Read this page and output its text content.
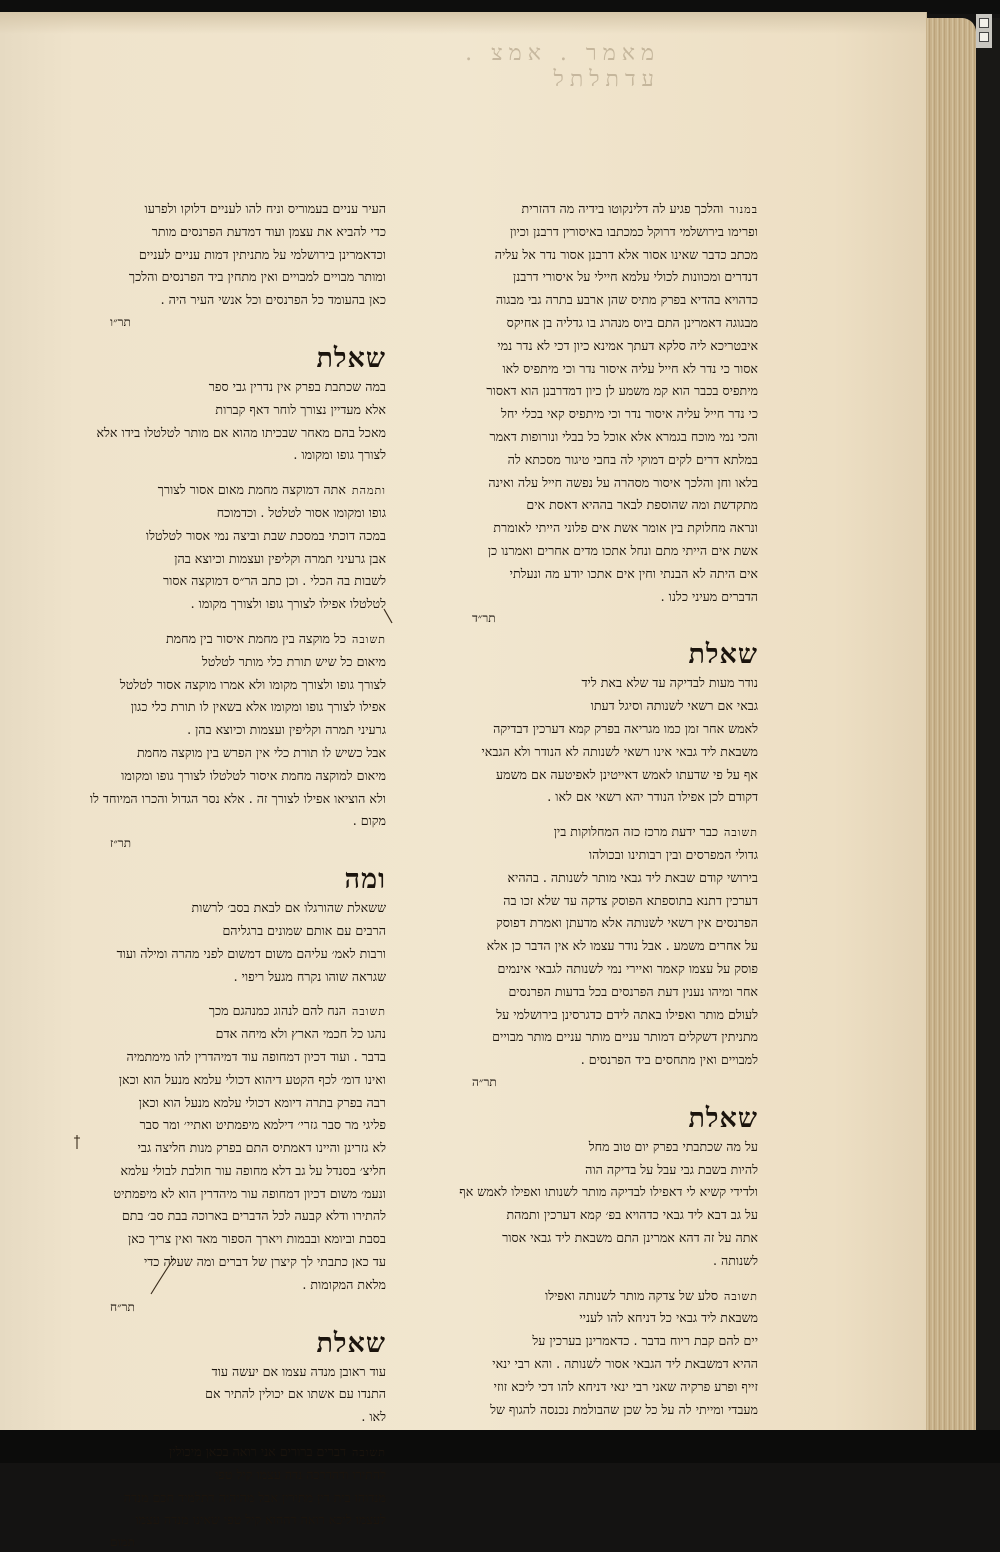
מאמר . אמצ . עדתלתל
במנורוהלכך פגיע לה דלינקוטו בידיה מה דהזרית
ופרימו בירושלמי דרוקל כמכתבו באיסורין דרבנן וכיון
מכתב כדבר שאינו אסור אלא דרבנן אסור נדר אל עליה
דנדרים ומכוונות לכולי עלמא חיילי על איסורי דרבנן
כדהויא בהדיא בפרק מתיס שהן ארבע בתרה גבי מבגוה
מבגוגה דאמרינן התם ביוס מנהרג בו גדליה בן אחיקס
איבטריכא ליה סלקא דעתך אמינא כיון דכי לא נדר נמי
אסור כי נדר לא חייל עליה איסור נדר וכי מיתפיס לאו
מיתפיס בכבר הוא קמ משמע לן כיון דמדרבנן הוא דאסור
כי נדר חייל עליה איסור נדר וכי מיתפיס קאי בכלי יחל
והכי נמי מוכח בגמרא אלא אוכל כל בבלי ונורופות דאמר
במלתא דרים לקים דמוקי לה בחבי טיגור מסכתא לה
בלאו וחן והלכך איסור מסהרה על נפשה חייל עלה ואינה
מתקדשת ומה שהוספת לבאר בההיא דאסת אים
ונראה מחלוקת בין אומר אשת אים פלוני הייתי לאומרת
אשת אים הייתי מתם ונחל אתכו מדים אחרים ואמרנו כן
אים היתה לא הבנתי וחין אים אתכו יודע מה ונעלתי
הדברים מעיני כלנו .
תר״ד
שאלת
נודר מעות לבדיקה עד שלא באת ליד
גבאי אם רשאי לשנותה וסיגל דעתו
לאמש אחר זמן כמו מגריאה בפרק קמא דערכין דבדיקה
משבאת ליד גבאי אינו רשאי לשנותה לא הנודר ולא הגבאי
אף על פי שדעתו לאמש דאייטינן לאפיטעה אם משמע
דקודם לכן אפילו הנודר יהא רשאי אם לאו .
תשובהכבר ידעת מרכז כזה המחלוקות בין
גדולי המפרסים ובין רבותינו ובכולהו
בירושי קודם שבאת ליד גבאי מותר לשנותה . בההיא
דערכין דתנא בתוספתא הפוסק צדקה עד שלא זכו בה
הפרנסים אין רשאי לשנותה אלא מדעתן ואמרת דפוסק
על אחרים משמע . אבל נודר עצמו לא אין הדבר כן אלא
פוסק על עצמו קאמר ואיירי נמי לשנותה לגבאי אינמים
אחר ומיהו נענין דעת הפרנסים בכל בדעות הפרנסים
לעולם מותר ואפילו באתה לידם כדגרסינן בירושלמי על
מתניתין דשקלים דמותר עניים מותר עניים מותר מבויים
למבויים ואין מתחסים ביד הפרנסים .
תר״ה
שאלת
על מה שכתבתי בפרק יום טוב מחל
להיות בשבת גבי עבל על בדיקה הוה
ולדידי קשיא לי דאפילו לבדיקה מותר לשנותו ואפילו לאמש אף
על גב דבא ליד גבאי כדהויא בפ׳ קמא דערכין ותמהת
אתה על זה דהא אמרינן התם משבאת ליד גבאי אסור
לשנותה .
תשובהסלע של צדקה מותר לשנותה ואפילו
משבאת ליד גבאי כל דניחא להו לעניי
יים להם קבת ריוח בדבר . כדאמרינן בערכין על
ההיא דמשבאת ליד הגבאי אסור לשנותה . והא רבי ינאי
זייף ופרע פרקיה שאני רבי ינאי דניחא להו דכי ליכא זוזי
מעבדי ומייתי לה על כל שכן שהבולמת נכנסה להגוף של
העיר עניים בעמוריס וניח להו לעניים דלוקו ולפרעו
כדי להביא את עצמן ועוד דמדעת הפרנסים מותר
וכדאמרינן בירושלמי על מתניתין דמות עניים לעניים
ומותר מבויים למבויים ואין מתחין ביד הפרנסים והלכך
כאן בהעומד כל הפרנסים וכל אנשי העיר היה .
תר״ו
שאלת
במה שכתבת בפרק אין נדרין גבי ספר
אלא מעדיין נצורך לוחר דאף קברות
מאכל בהם מאחר שבכיתו מהוא אם מותר לטלטלו בידו אלא
לצורך גופו ומקומו .
ותמהתאתה דמוקצה מחמת מאום אסור לצורך
גופו ומקומו אסור לטלטל . וכדמוכח
במכה דוכתי במסכת שבת וביצה נמי אסור לטלטלו
אבן גרעיני תמרה וקליפין ועצמות וכיוצא בהן
לשבות בה הכלי . וכן כתב הר״ס דמוקצה אסור
לטלטלו אפילו לצורך גופו ולצורך מקומו .
תשובהכל מוקצה בין מחמת איסור בין מחמת
מיאום כל שיש תורת כלי מותר לטלטל
לצורך גופו ולצורך מקומו ולא אמרו מוקצה אסור לטלטל
אפילו לצורך גופו ומקומו אלא בשאין לו תורת כלי כגון
גרעיני תמרה וקליפין ועצמות וכיוצא בהן .
אבל כשיש לו תורת כלי אין הפרש בין מוקצה מחמת
מיאום למוקצה מחמת איסור לטלטלו לצורך גופו ומקומו
ולא הוציאו אפילו לצורך זה . אלא נסר הגדול והכרו המיוחד לו
מקום .
תר״ז
ומה
ששאלת שהורגלו אם לבאת בסב׳ לרשות
הרבים עם אותם שמונים ברגליהם
ורבות לאמ׳ עליהם משום דמשום לפני מהרה ומילה ועוד
שגראה שוהו נקרח מגעל ריפוי .
תשובההנח להם לנהוג כמנהגם מכך
נהגו כל חכמי הארץ ולא מיחה אדם
בדבר . ועוד דכיון דמחופה עוד דמיהדרין להו מימתמיה
ואינו דומ׳ לכף הקטע דיהוא דכולי עלמא מנעל הוא וכאן
רבה בפרק בתרה דיומא דכולי עלמא מנעל הוא וכאן
פליגי מר סבר גזרי׳ דילמא מיפמתיט ואתיי׳ ומר סבר
לא גזרינן והיינו דאמתיס התם בפרק מנות חליצה גבי
חליצ׳ בסנדל על גב דלא מחופה עור חולבת לבולי עלמא
ונעמ׳ משום דכיון דמחופה עור מיהדרין הוא לא מיפמתיט
להתירו ודלא קבעה לכל הדברים בארוכה בבת סב׳ בתם
בסבת וביומא ובבמות ויארך הספור מאד ואין צריך כאן
עד כאן כתבתי לך קיצרן של דברים ומה שעלה כדי
מלאת המקומות .
תר״ח
שאלת
עוד ראובן מנדה עצמו אם יעשה עוד
התנדו עם אשתו אם יכולין להתיר אם
לאו .
תשובהדברים ברורים אני רואה בכאן מיכולין
להתירו ודהדרכה נדה עצמו קיל טפי
מנדוהו בית דין מתירין אבל מהיהיה דתלמיד חכם מנדה
לעצמו ליכא רואה דההוא קיל טפי שאינו מנדה עצמו
תמום
